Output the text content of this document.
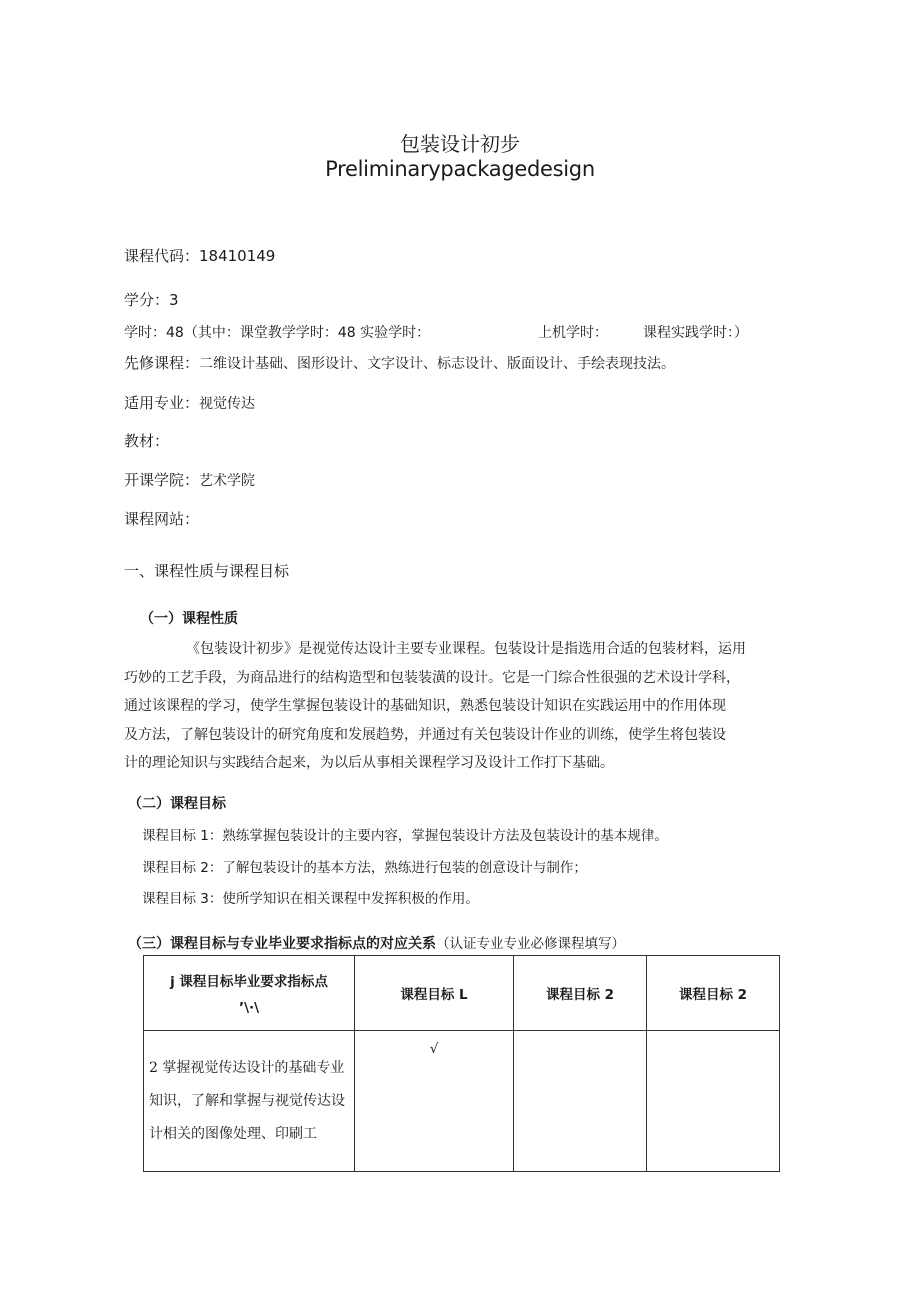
包装设计初步
Preliminarypackagedesign
课程代码：18410149
学分：3
学时：48（其中：课堂教学学时：48 实验学时：	上机学时：	课程实践学时：）
先修课程：二维设计基础、图形设计、文字设计、标志设计、版面设计、手绘表现技法。
适用专业：视觉传达
教材：
开课学院：艺术学院
课程网站：
一、课程性质与课程目标
（一）课程性质

《包装设计初步》是视觉传达设计主要专业课程。包装设计是指选用合适的包装材料，运用

巧妙的工艺手段，为商品进行的结构造型和包装装潢的设计。它是一门综合性很强的艺术设计学科，

通过该课程的学习，使学生掌握包装设计的基础知识，熟悉包装设计知识在实践运用中的作用体现

及方法，了解包装设计的研究角度和发展趋势，并通过有关包装设计作业的训练，使学生将包装设

计的理论知识与实践结合起来，为以后从事相关课程学习及设计工作打下基础。

（二）课程目标
课程目标 1：熟练掌握包装设计的主要内容，掌握包装设计方法及包装设计的基本规律。
课程目标 2：了解包装设计的基本方法，熟练进行包装的创意设计与制作；
课程目标 3：使所学知识在相关课程中发挥积极的作用。
（三）课程目标与专业毕业要求指标点的对应关系（认证专业专业必修课程填写）
j 课程目标毕业要求指标点
’\·\	课程目标 L	课程目标 2	课程目标 2

2 掌握视觉传达设计的基础专业知识，了解和掌握与视觉传达设计相关的图像处理、印刷工	√		
